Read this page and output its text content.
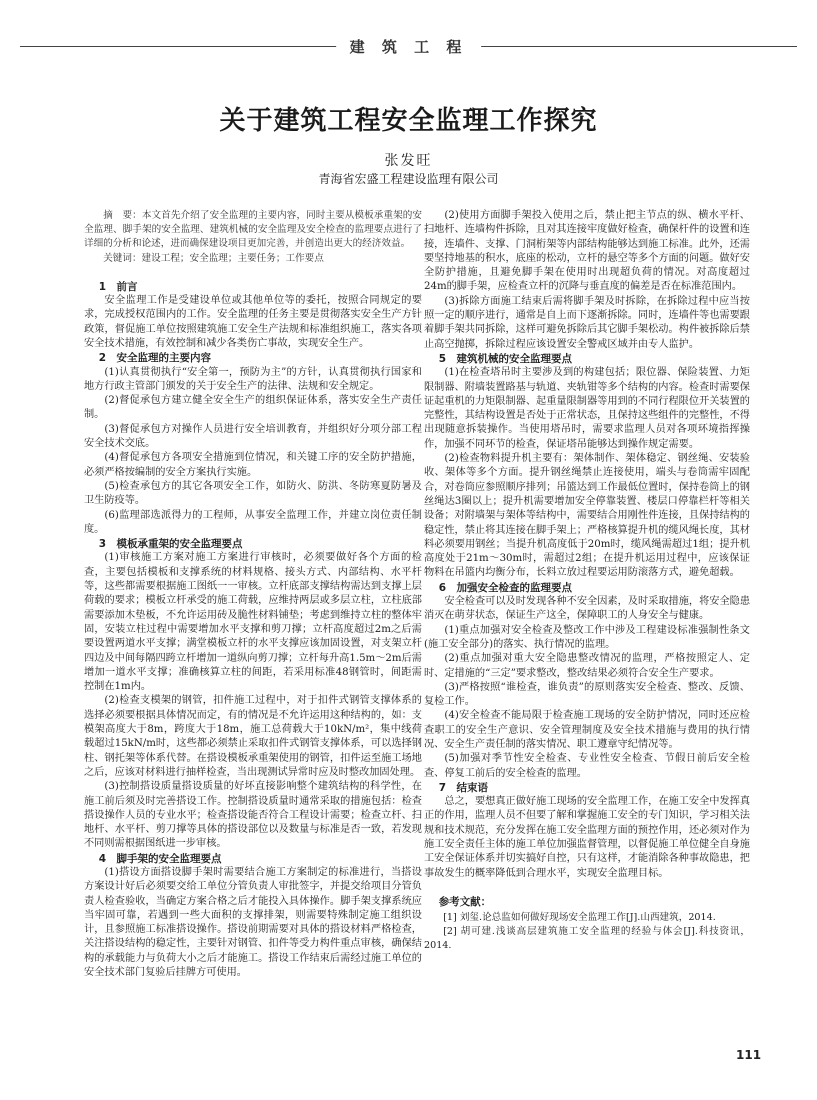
建 筑 工 程
关于建筑工程安全监理工作探究
张发旺
青海省宏盛工程建设监理有限公司

摘　要：本文首先介绍了安全监理的主要内容，同时主要从模板承重架的安全监理、脚手架的安全监理、建筑机械的安全监理及安全检查的监理要点进行了详细的分析和论述，进而确保建设项目更加完善，并创造出更大的经济效益。

关键词：建设工程；安全监理；主要任务；工作要点

1　前言

安全监理工作是受建设单位或其他单位等的委托，按照合同规定的要求，完成授权范围内的工作。安全监理的任务主要是贯彻落实安全生产方针政策，督促施工单位按照建筑施工安全生产法规和标准组织施工，落实各项安全技术措施，有效控制和减少各类伤亡事故，实现安全生产。

2　安全监理的主要内容

(1)认真贯彻执行“安全第一，预防为主”的方针，认真贯彻执行国家和地方行政主管部门颁发的关于安全生产的法律、法规和安全规定。

(2)督促承包方建立健全安全生产的组织保证体系，落实安全生产责任制。

(3)督促承包方对操作人员进行安全培训教育，并组织好分项分部工程安全技术交底。

(4)督促承包方各项安全措施到位情况，和关键工序的安全防护措施，必须严格按编制的安全方案执行实施。

(5)检查承包方的其它各项安全工作，如防火、防洪、冬防寒夏防暑及卫生防疫等。

(6)监理部选派得力的工程师，从事安全监理工作，并建立岗位责任制度。

3　模板承重架的安全监理要点

(1)审核施工方案对施工方案进行审核时，必须要做好各个方面的检查，主要包括模板和支撑系统的材料规格、接头方式、内部结构、水平杆等，这些都需要根据施工图纸一一审核。立杆底部支撑结构需达到支撑上层荷载的要求；模板立杆承受的施工荷载，应维持两层或多层立柱，立柱底部需要添加木垫板，不允许运用砖及脆性材料铺垫；考虑到维持立柱的整体牢固，安装立柱过程中需要增加水平支撑和剪刀撑；立杆高度超过2m之后需要设置两道水平支撑；满堂模板立杆的水平支撑应该加固设置，对支架立杆四边及中间每隔四跨立杆增加一道纵向剪刀撑；立杆每升高1.5m～2m后需增加一道水平支撑；准确核算立柱的间距，若采用标准48钢管时，间距需控制在1m内。

(2)检查支模架的钢管，扣件施工过程中，对于扣件式钢管支撑体系的选择必须要根据具体情况而定，有的情况是不允许运用这种结构的，如：支模架高度大于8m，跨度大于18m，施工总荷载大于10kN/m²，集中线荷载超过15kN/m时，这些都必须禁止采取扣件式钢管支撑体系，可以选择钢柱、钢托架等体系代替。在搭设模板承重架使用的钢管，扣件运至施工场地之后，应该对材料进行抽样检查，当出现测试异常时应及时整改加固处理。

(3)控制搭设质量搭设质量的好坏直接影响整个建筑结构的科学性，在施工前后须及时完善搭设工作。控制搭设质量时通常采取的措施包括：检查搭设操作人员的专业水平；检查搭设能否符合工程设计需要；检查立杆、扫地杆、水平杆、剪刀撑等具体的搭设部位以及数量与标准是否一致，若发现不同则需根据图纸进一步审核。

4　脚手架的安全监理要点

(1)搭设方面搭设脚手架时需要结合施工方案制定的标准进行，当搭设方案设计好后必须要交给工单位分管负责人审批签字，并提交给项目分管负责人检查验收，当确定方案合格之后才能投入具体操作。脚手架支撑系统应当牢固可靠，若遇到一些大面积的支撑排架，则需要特殊制定施工组织设计，且参照施工标准搭设操作。搭设前期需要对具体的搭设材料严格检查，关注搭设结构的稳定性，主要针对钢管、扣件等受力构件重点审核，确保结构的承载能力与负荷大小之后才能施工。搭设工作结束后需经过施工单位的安全技术部门复验后挂牌方可使用。

(2)使用方面脚手架投入使用之后，禁止把主节点的纵、横水平杆、扫地杆、连墙构件拆除，且对其连接牢度做好检查，确保杆件的设置和连接，连墙件、支撑、门洞桁架等内部结构能够达到施工标准。此外，还需要坚持地基的积水，底座的松动，立杆的悬空等多个方面的问题。做好安全防护措施，且避免脚手架在使用时出现超负荷的情况。对高度超过24m的脚手架，应检查立杆的沉降与垂直度的偏差是否在标准范围内。

(3)拆除方面施工结束后需将脚手架及时拆除，在拆除过程中应当按照一定的顺序进行，通常是自上而下逐渐拆除。同时，连墙件等也需要跟着脚手架共同拆除，这样可避免拆除后其它脚手架松动。构件被拆除后禁止高空抛掷，拆除过程应该设置安全警戒区域并由专人监护。

5　建筑机械的安全监理要点

(1)在检查塔吊时主要涉及到的构建包括；限位器、保险装置、力矩限制器、附墙装置路基与轨道、夹轨钳等多个结构的内容。检查时需要保证起重机的力矩限制器、起重量限制器等用到的不同行程限位开关装置的完整性，其结构设置是否处于正常状态，且保持这些组件的完整性，不得出现随意拆装操作。当使用塔吊时，需要求监理人员对各项环境指挥操作，加强不同环节的检查，保证塔吊能够达到操作规定需要。

(2)检查物料提升机主要有：架体制作、架体稳定、钢丝绳、安装验收、架体等多个方面。提升钢丝绳禁止连接使用，端头与卷筒需牢固配合，对卷筒应参照顺序排列；吊篮达到工作最低位置时，保持卷筒上的钢丝绳达3圈以上；提升机需要增加安全停靠装置、楼层口停靠栏杆等相关设备；对附墙架与架体等结构中，需要结合用刚性件连接，且保持结构的稳定性，禁止将其连接在脚手架上；严格核算提升机的缆风绳长度，其材料必须要用钢丝；当提升机高度低于20m时，缆风绳需超过1组；提升机高度处于21m～30m时，需超过2组；在提升机运用过程中，应该保证物料在吊篮内均衡分布，长料立放过程要运用防滚落方式，避免超载。

6　加强安全检查的监理要点

安全检查可以及时发现各种不安全因素，及时采取措施，将安全隐患消灭在萌芽状态，保证生产这全，保障职工的人身安全与健康。

(1)重点加强对安全检查及整改工作中涉及工程建设标准强制性条文(施工安全部分)的落实、执行情况的监理。

(2)重点加强对重大安全隐患整改情况的监理，严格按照定人、定时、定措施的“三定”要求整改，整改结果必须符合安全生产要求。

(3)严格按照“谁检查，谁负责”的原则落实安全检查、整改、反馈、复检工作。

(4)安全检查不能局限于检查施工现场的安全防护情况，同时还应检查职工的安全生产意识、安全管理制度及安全技术措施与费用的执行情况、安全生产责任制的落实情况、职工遵章守纪情况等。

(5)加强对季节性安全检查、专业性安全检查、节假日前后安全检查、停复工前后的安全检查的监理。

7　结束语

总之，要想真正做好施工现场的安全监理工作，在施工安全中发挥真正的作用，监理人员不但要了解和掌握施工安全的专门知识，学习相关法规和技术规范，充分发挥在施工安全监理方面的预控作用，还必须对作为施工安全责任主体的施工单位加强监督管理，以督促施工单位健全自身施工安全保证体系并切实搞好自控，只有这样，才能消除各种事故隐患，把事故发生的概率降低到合理水平，实现安全监理目标。

参考文献：

[1] 刘玺.论总监如何做好现场安全监理工作[J].山西建筑，2014.

[2] 胡可建.浅谈高层建筑施工安全监理的经验与体会[J].科技资讯，2014.

111
